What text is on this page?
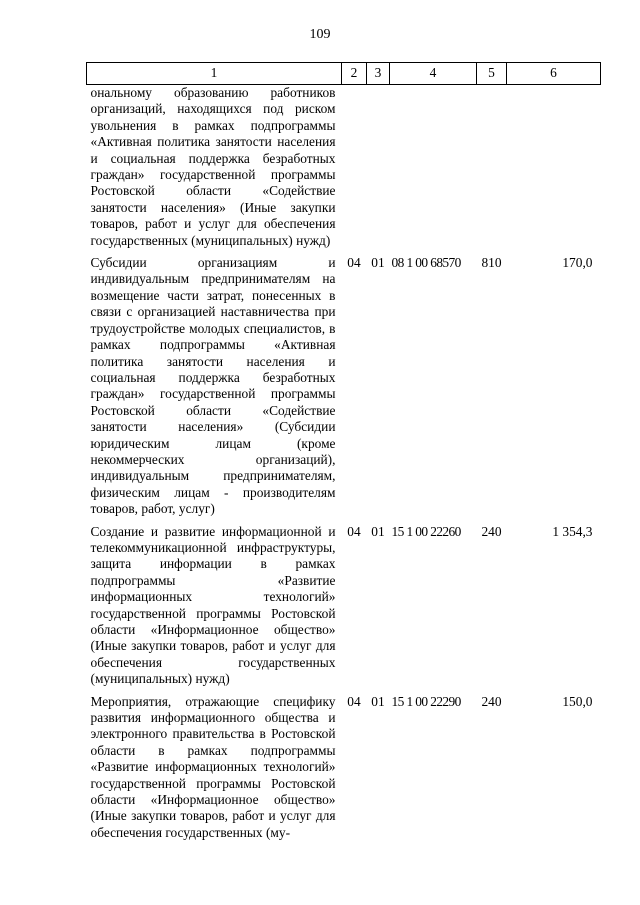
109
1	2	3	4	5	6
ональному образованию работников организаций, находящихся под риском увольнения в рамках подпрограммы «Активная политика занятости населения и социальная поддержка безработных граждан» государственной программы Ростовской области «Содействие занятости населения» (Иные закупки товаров, работ и услуг для обеспечения государственных (муниципальных) нужд)					

Субсидии организациям и индивидуальным предпринимателям на возмещение части затрат, понесенных в связи с организацией наставничества при трудоустройстве молодых специалистов, в рамках подпрограммы «Активная политика занятости населения и социальная поддержка безработных граждан» государственной программы Ростовской области «Содействие занятости населения» (Субсидии юридическим лицам (кроме некоммерческих организаций), индивидуальным предпринимателям, физическим лицам - производителям товаров, работ, услуг)	04	01	08 1 00 68570	810	170,0

Создание и развитие информационной и телекоммуникационной инфраструктуры, защита информации в рамках подпрограммы «Развитие информационных технологий» государственной программы Ростовской области «Информационное общество» (Иные закупки товаров, работ и услуг для обеспечения государственных (муниципальных) нужд)	04	01	15 1 00 22260	240	1 354,3

Мероприятия, отражающие специфику развития информационного общества и электронного правительства в Ростовской области в рамках подпрограммы «Развитие информационных технологий» государственной программы Ростовской области «Информационное общество» (Иные закупки товаров, работ и услуг для обеспечения государственных (му-	04	01	15 1 00 22290	240	150,0
